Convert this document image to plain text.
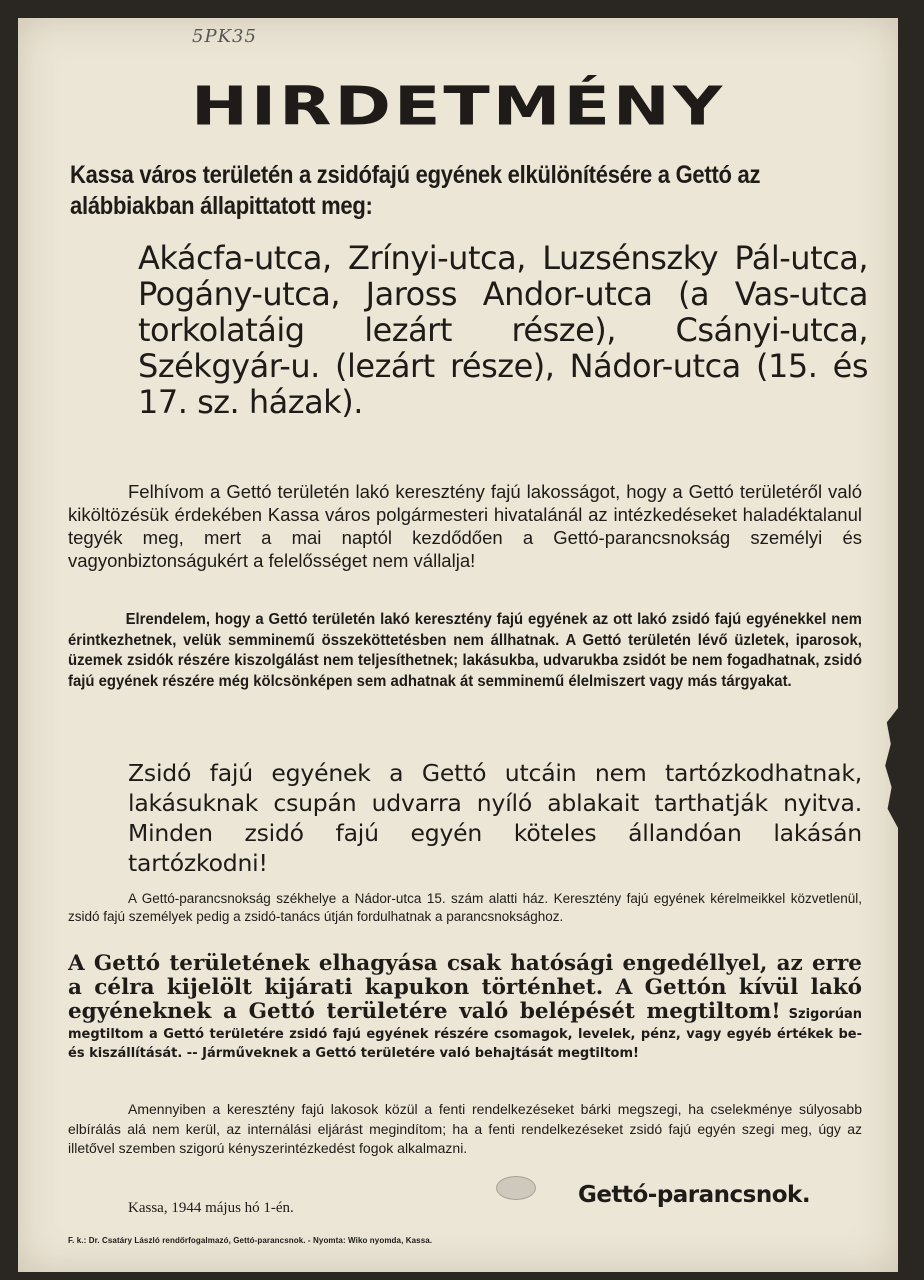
5PK35
HIRDETMÉNY

Kassa város területén a zsidófajú egyének elkülönítésére a Gettó az alábbiakban állapittatott meg:

Akácfa-utca, Zrínyi-utca, Luzsénszky Pál-utca, Pogány-utca, Jaross Andor-utca (a Vas-utca torkolatáig lezárt része), Csányi-utca, Székgyár-u. (lezárt része), Nádor-utca (15. és 17. sz. házak).

Felhívom a Gettó területén lakó keresztény fajú lakosságot, hogy a Gettó területéről való kiköltözésük érdekében Kassa város polgármesteri hivatalánál az intézkedéseket haladéktalanul tegyék meg, mert a mai naptól kezdődően a Gettó-parancsnokság személyi és vagyonbiztonságukért a felelősséget nem vállalja!

Elrendelem, hogy a Gettó területén lakó keresztény fajú egyének az ott lakó zsidó fajú egyénekkel nem érintkezhetnek, velük semminemű összeköttetésben nem állhatnak. A Gettó területén lévő üzletek, iparosok, üzemek zsidók részére kiszolgálást nem teljesíthetnek; lakásukba, udvarukba zsidót be nem fogadhatnak, zsidó fajú egyének részére még kölcsönképen sem adhatnak át semminemű élelmiszert vagy más tárgyakat.

Zsidó fajú egyének a Gettó utcáin nem tartózkodhatnak, lakásuknak csupán udvarra nyíló ablakait tarthatják nyitva. Minden zsidó fajú egyén köteles állandóan lakásán tartózkodni!

A Gettó-parancsnokság székhelye a Nádor-utca 15. szám alatti ház. Keresztény fajú egyének kérelmeikkel közvetlenül, zsidó fajú személyek pedig a zsidó-tanács útján fordulhatnak a parancsnoksághoz.

A Gettó területének elhagyása csak hatósági engedéllyel, az erre a célra kijelölt kijárati kapukon történhet. A Gettón kívül lakó egyéneknek a Gettó területére való belépését megtiltom! Szigorúan megtiltom a Gettó területére zsidó fajú egyének részére csomagok, levelek, pénz, vagy egyéb értékek be- és kiszállítását. -- Járműveknek a Gettó területére való behajtását megtiltom!

Amennyiben a keresztény fajú lakosok közül a fenti rendelkezéseket bárki megszegi, ha cselekménye súlyosabb elbírálás alá nem kerül, az internálási eljárást megindítom; ha a fenti rendelkezéseket zsidó fajú egyén szegi meg, úgy az illetővel szemben szigorú kényszerintézkedést fogok alkalmazni.

Kassa, 1944 május hó 1-én.	Gettó-parancsnok.
F. k.: Dr. Csatáry László rendőrfogalmazó, Gettó-parancsnok. - Nyomta: Wiko nyomda, Kassa.
